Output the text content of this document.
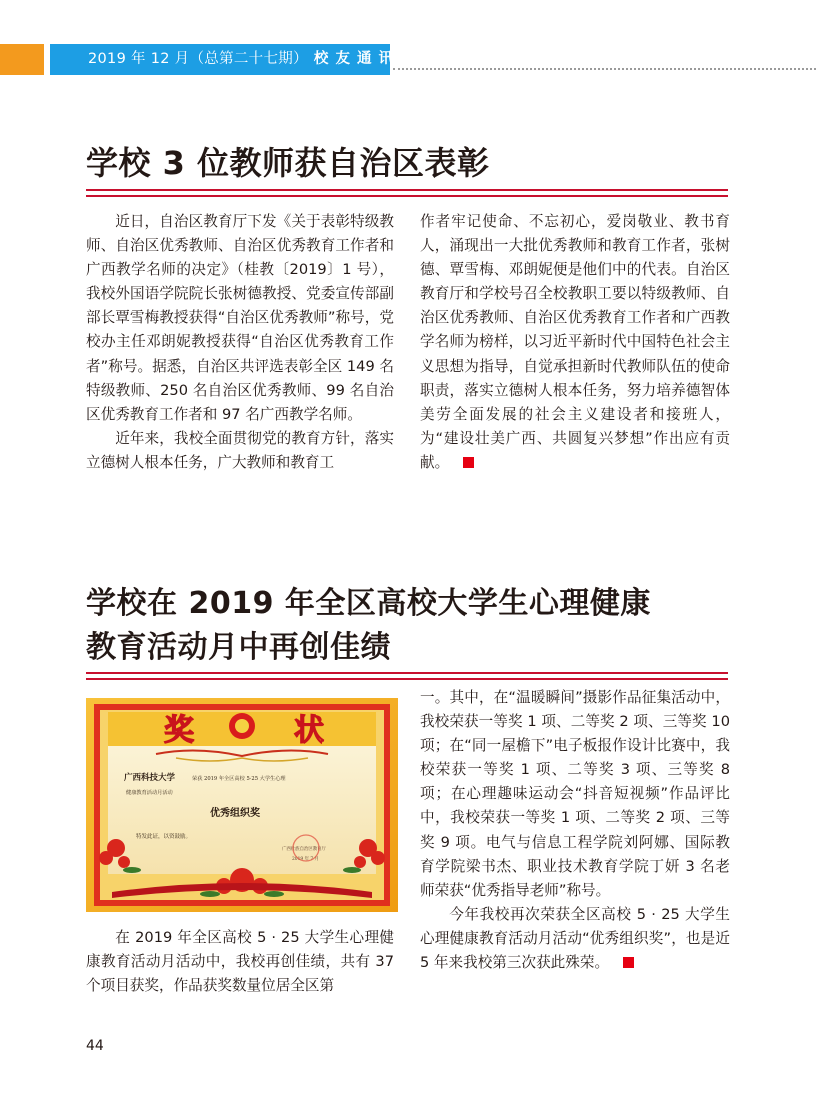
2019 年 12 月（总第二十七期） 校 友 通 讯
学校 3 位教师获自治区表彰

近日，自治区教育厅下发《关于表彰特级教师、自治区优秀教师、自治区优秀教育工作者和广西教学名师的决定》（桂教〔2019〕1 号），我校外国语学院院长张树德教授、党委宣传部副部长覃雪梅教授获得“自治区优秀教师”称号，党校办主任邓朗妮教授获得“自治区优秀教育工作者”称号。据悉，自治区共评选表彰全区 149 名特级教师、250 名自治区优秀教师、99 名自治区优秀教育工作者和 97 名广西教学名师。

近年来，我校全面贯彻党的教育方针，落实立德树人根本任务，广大教师和教育工

作者牢记使命、不忘初心，爱岗敬业、教书育人，涌现出一大批优秀教师和教育工作者，张树德、覃雪梅、邓朗妮便是他们中的代表。自治区教育厅和学校号召全校教职工要以特级教师、自治区优秀教师、自治区优秀教育工作者和广西教学名师为榜样，以习近平新时代中国特色社会主义思想为指导，自觉承担新时代教师队伍的使命职责，落实立德树人根本任务，努力培养德智体美劳全面发展的社会主义建设者和接班人，为“建设壮美广西、共圆复兴梦想”作出应有贡献。

学校在 2019 年全区高校大学生心理健康
教育活动月中再创佳绩
奖	状
广西科技大学	荣获 2019 年全区高校 5·25 大学生心理
健康教育活动月活动
优秀组织奖
特发此证，以资鼓励。
广西壮族自治区教育厅
2019 年 7 月

在 2019 年全区高校 5 · 25 大学生心理健康教育活动月活动中，我校再创佳绩，共有 37 个项目获奖，作品获奖数量位居全区第

一。其中，在“温暖瞬间”摄影作品征集活动中，我校荣获一等奖 1 项、二等奖 2 项、三等奖 10 项；在“同一屋檐下”电子板报作设计比赛中，我校荣获一等奖 1 项、二等奖 3 项、三等奖 8 项；在心理趣味运动会“抖音短视频”作品评比中，我校荣获一等奖 1 项、二等奖 2 项、三等奖 9 项。电气与信息工程学院刘阿娜、国际教育学院梁书杰、职业技术教育学院丁妍 3 名老师荣获“优秀指导老师”称号。

今年我校再次荣获全区高校 5 · 25 大学生心理健康教育活动月活动“优秀组织奖”，也是近 5 年来我校第三次获此殊荣。

44
